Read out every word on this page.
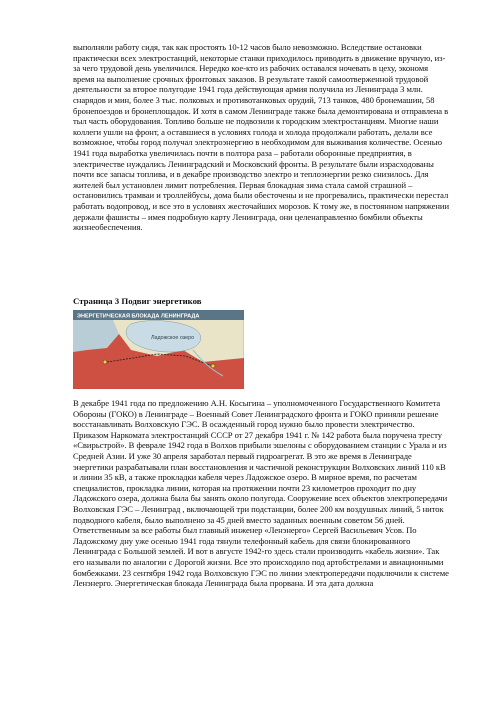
выполняли работу сидя, так как простоять 10-12 часов было невозможно. Вследствие остановки практически всех электростанций, некоторые станки приходилось приводить в движение вручную, из-за чего трудовой день увеличился. Нередко кое-кто из рабочих оставался ночевать в цеху, экономя время на выполнение срочных фронтовых заказов. В результате такой самоотверженной трудовой деятельности за второе полугодие 1941 года действующая армия получила из Ленинграда 3 млн. снарядов и мин, более 3 тыс. полковых и противотанковых орудий, 713 танков, 480 бронемашин, 58 бронепоездов и бронеплощадок. И хотя в самом Ленинграде также была демонтирована и отправлена в тыл часть оборудования. Топливо больше не подвозили к городским электростанциям. Многие наши коллеги ушли на фронт, а оставшиеся в условиях голода и холода продолжали работать, делали все возможное, чтобы город получал электроэнергию в необходимом для выживания количестве. Осенью 1941 года выработка увеличилась почти в полтора раза – работали оборонные предприятия, в электричестве нуждались Ленинградский и Московский фронты. В результате были израсходованы почти все запасы топлива, и в декабре производство электро и теплоэнергии резко снизилось. Для жителей был установлен лимит потребления. Первая блокадная зима стала самой страшной – остановились трамваи и троллейбусы, дома были обесточены и не прогревались, практически перестал работать водопровод, и все это в условиях жесточайших морозов. К тому же, в постоянном напряжении держали фашисты – имея подробную карту Ленинграда, они целенаправленно бомбили объекты жизнеобеспечения.
Страница 3 Подвиг энергетиков
ЭНЕРГЕТИЧЕСКАЯ БЛОКАДА ЛЕНИНГРАДА
Ладожское озеро
В декабре 1941 года по предложению А.Н. Косыгина – уполномоченного Государственного Комитета Обороны (ГОКО) в Ленинграде – Военный Совет Ленинградского фронта и ГОКО приняли решение восстанавливать Волховскую ГЭС. В осажденный город нужно было провести электричество. Приказом Наркомата электростанций СССР от 27 декабря 1941 г. № 142 работа была поручена тресту «Свирьстрой». В феврале 1942 года в Волхов прибыли эшелоны с оборудованием станции с Урала и из Средней Азии. И уже 30 апреля заработал первый гидроагрегат. В это же время в Ленинграде энергетики разрабатывали план восстановления и частичной реконструкции Волховских линий 110 кВ и линии 35 кВ, а также прокладки кабеля через Ладожское озеро. В мирное время, по расчетам специалистов, прокладка линии, которая на протяжении почти 23 километров проходит по дну Ладожского озера, должна была бы занять около полугода. Сооружение всех объектов электропередачи Волховская ГЭС – Ленинград , включающей три подстанции, более 200 км воздушных линий, 5 ниток подводного кабеля, было выполнено за 45 дней вместо заданных военным советом 56 дней. Ответственным за все работы был главный инженер «Ленэнерго» Сергей Васильевич Усов. По Ладожскому дну уже осенью 1941 года тянули телефонный кабель для связи блокированного Ленинграда с Большой землей. И вот в августе 1942-го здесь стали производить «кабель жизни». Так его называли по аналогии с Дорогой жизни. Все это происходило под артобстрелами и авиационными бомбежками. 23 сентября 1942 года Волховскую ГЭС по линии электропередачи подключили к системе Ленэнерго. Энергетическая блокада Ленинграда была прорвана. И эта дата должна
